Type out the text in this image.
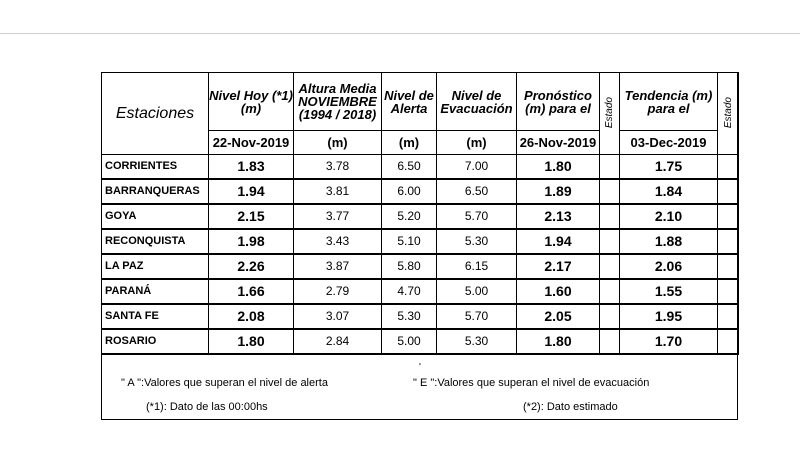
Estaciones	Nivel Hoy (*1) (m)	Altura Media NOVIEMBRE (1994 / 2018)	Nivel de Alerta	Nivel de Evacuación	Pronóstico (m) para el	Estado	Tendencia (m) para el	Estado
	22-Nov-2019	(m)	(m)	(m)	26-Nov-2019		03-Dec-2019	
CORRIENTES	1.83	3.78	6.50	7.00	1.80		1.75	
BARRANQUERAS	1.94	3.81	6.00	6.50	1.89		1.84	
GOYA	2.15	3.77	5.20	5.70	2.13		2.10	
RECONQUISTA	1.98	3.43	5.10	5.30	1.94		1.88	
LA PAZ	2.26	3.87	5.80	6.15	2.17		2.06	
PARANÁ	1.66	2.79	4.70	5.00	1.60		1.55	
SANTA FE	2.08	3.07	5.30	5.70	2.05		1.95	
ROSARIO	1.80	2.84	5.00	5.30	1.80		1.70	
'
" A ":Valores que superan el nivel de alerta	" E ":Valores que superan el nivel de evacuación
(*1): Dato de las 00:00hs	(*2): Dato estimado
